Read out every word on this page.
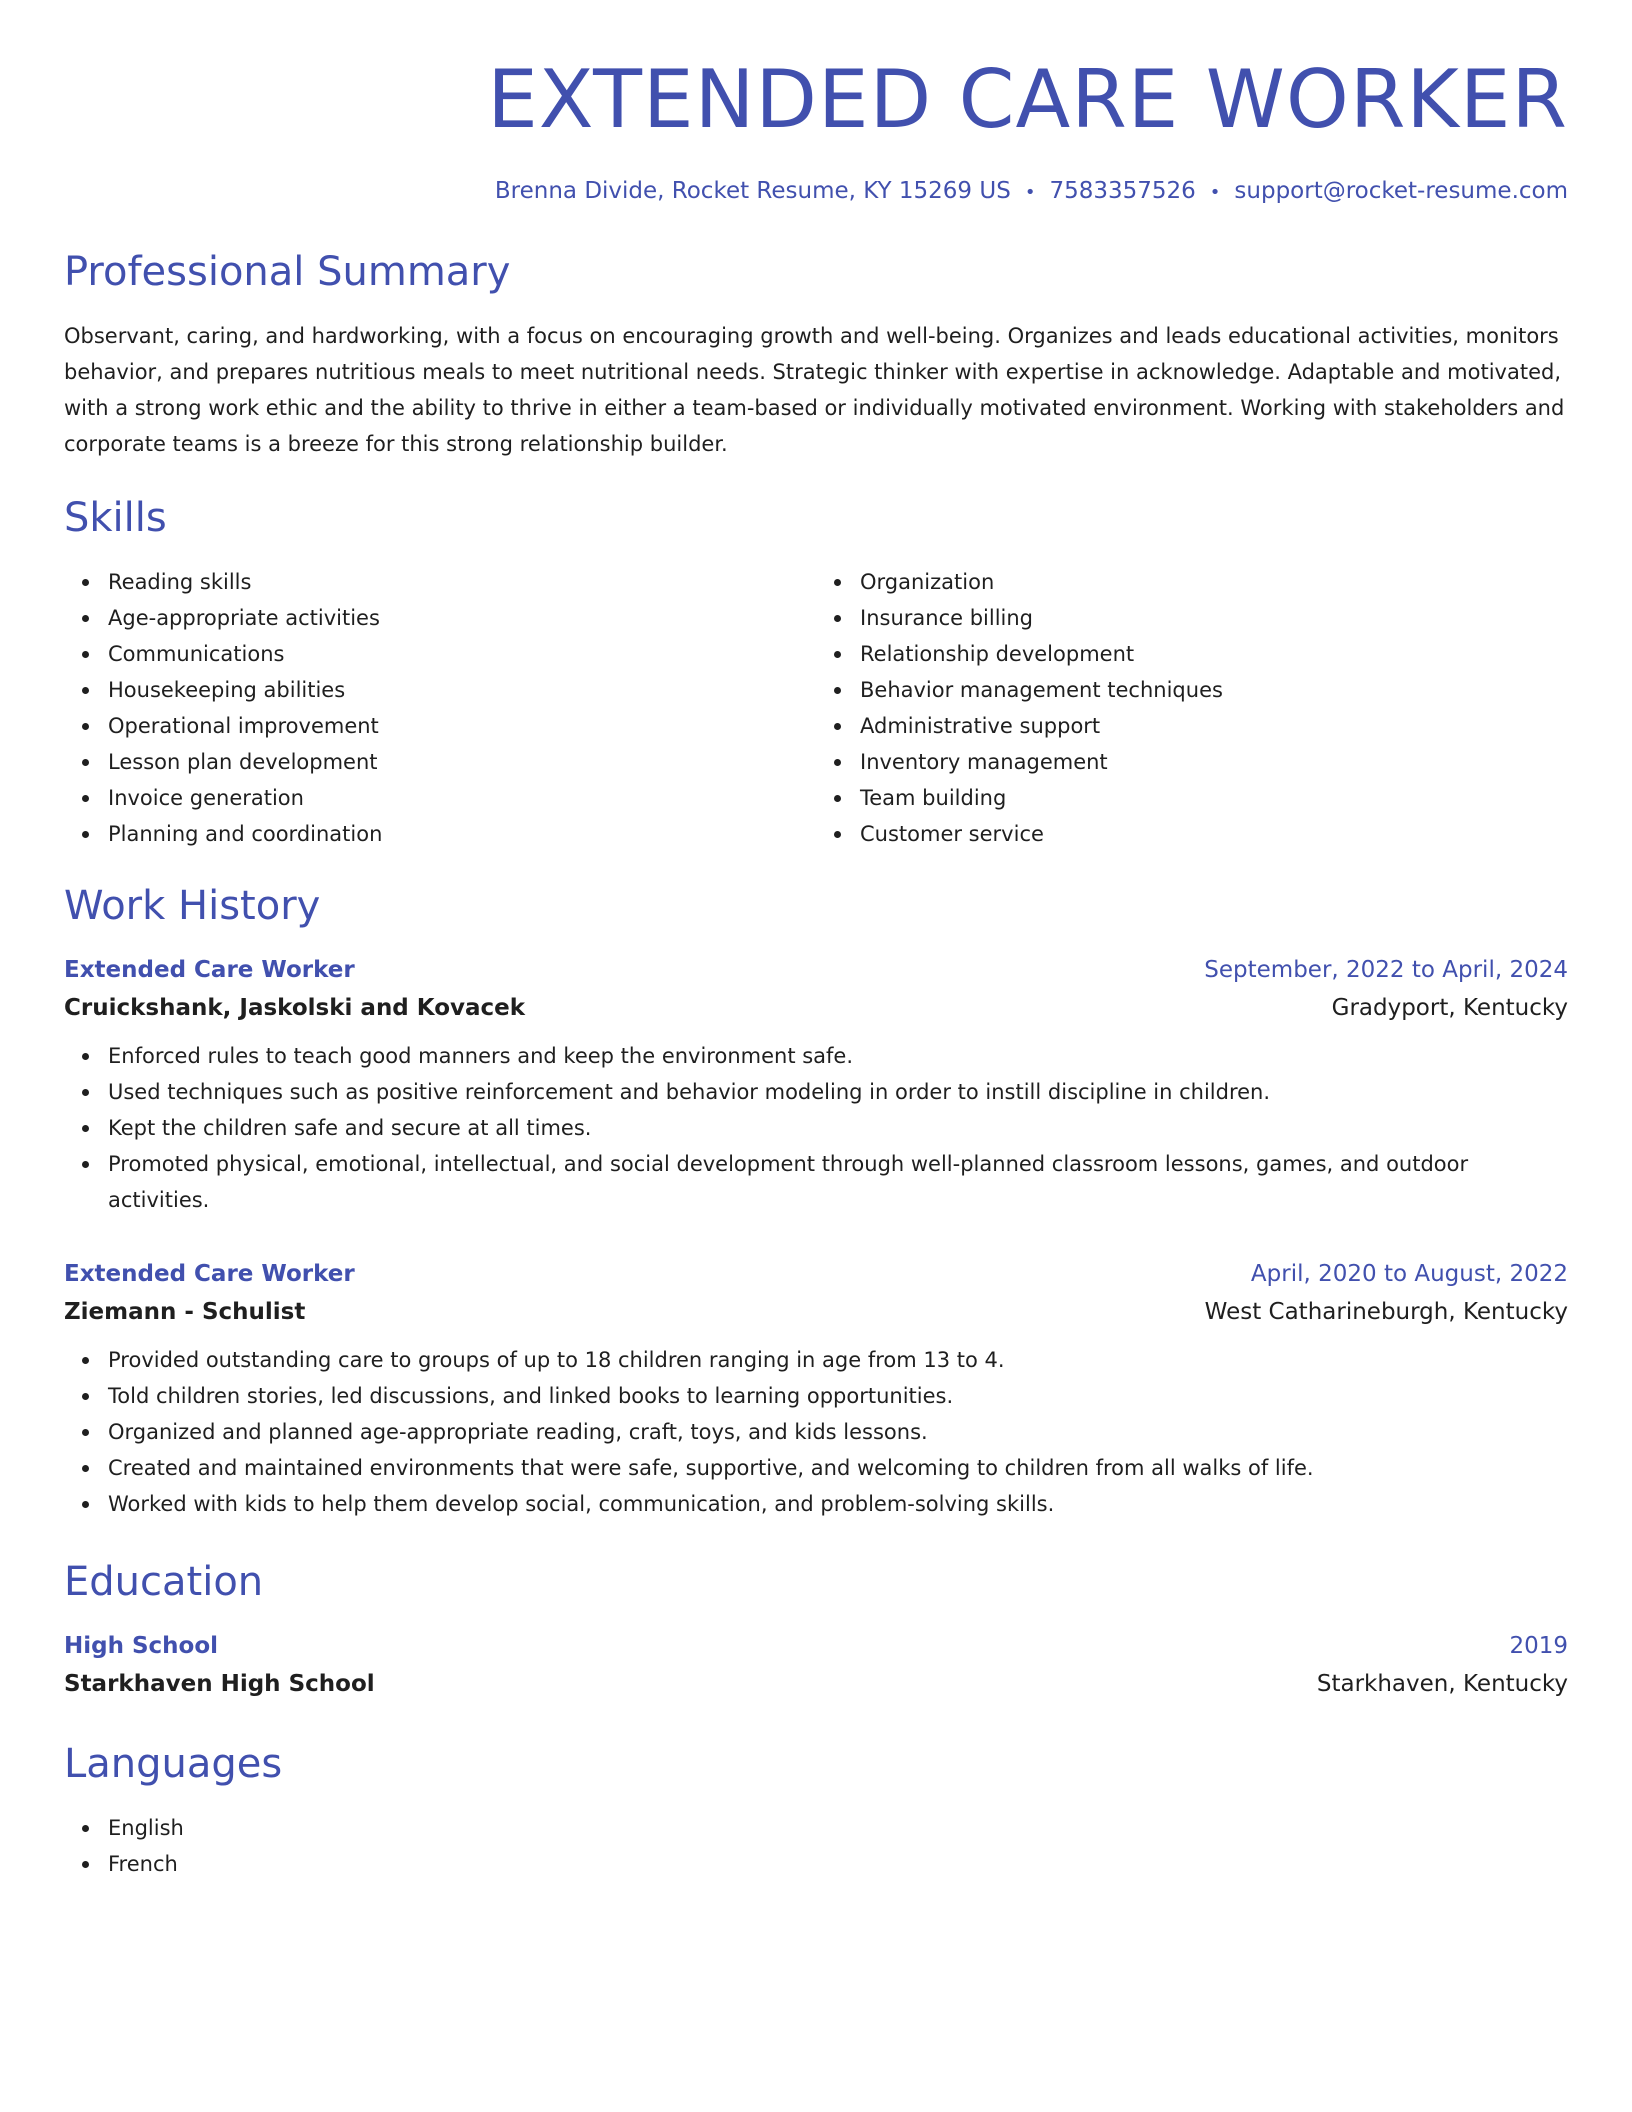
EXTENDED CARE WORKER
Brenna Divide, Rocket Resume, KY 15269 US • 7583357526 • support@rocket-resume.com
Professional Summary
Observant, caring, and hardworking, with a focus on encouraging growth and well-being. Organizes and leads educational activities, monitors behavior, and prepares nutritious meals to meet nutritional needs. Strategic thinker with expertise in acknowledge. Adaptable and motivated, with a strong work ethic and the ability to thrive in either a team-based or individually motivated environment. Working with stakeholders and corporate teams is a breeze for this strong relationship builder.
Skills
Reading skills
Age-appropriate activities
Communications
Housekeeping abilities
Operational improvement
Lesson plan development
Invoice generation
Planning and coordination
Organization
Insurance billing
Relationship development
Behavior management techniques
Administrative support
Inventory management
Team building
Customer service
Work History
Extended Care Worker	September, 2022 to April, 2024
Cruickshank, Jaskolski and Kovacek	Gradyport, Kentucky
Enforced rules to teach good manners and keep the environment safe.
Used techniques such as positive reinforcement and behavior modeling in order to instill discipline in children.
Kept the children safe and secure at all times.
Promoted physical, emotional, intellectual, and social development through well-planned classroom lessons, games, and outdoor activities.
Extended Care Worker	April, 2020 to August, 2022
Ziemann - Schulist	West Catharineburgh, Kentucky
Provided outstanding care to groups of up to 18 children ranging in age from 13 to 4.
Told children stories, led discussions, and linked books to learning opportunities.
Organized and planned age-appropriate reading, craft, toys, and kids lessons.
Created and maintained environments that were safe, supportive, and welcoming to children from all walks of life.
Worked with kids to help them develop social, communication, and problem-solving skills.
Education
High School	2019
Starkhaven High School	Starkhaven, Kentucky
Languages
English
French
